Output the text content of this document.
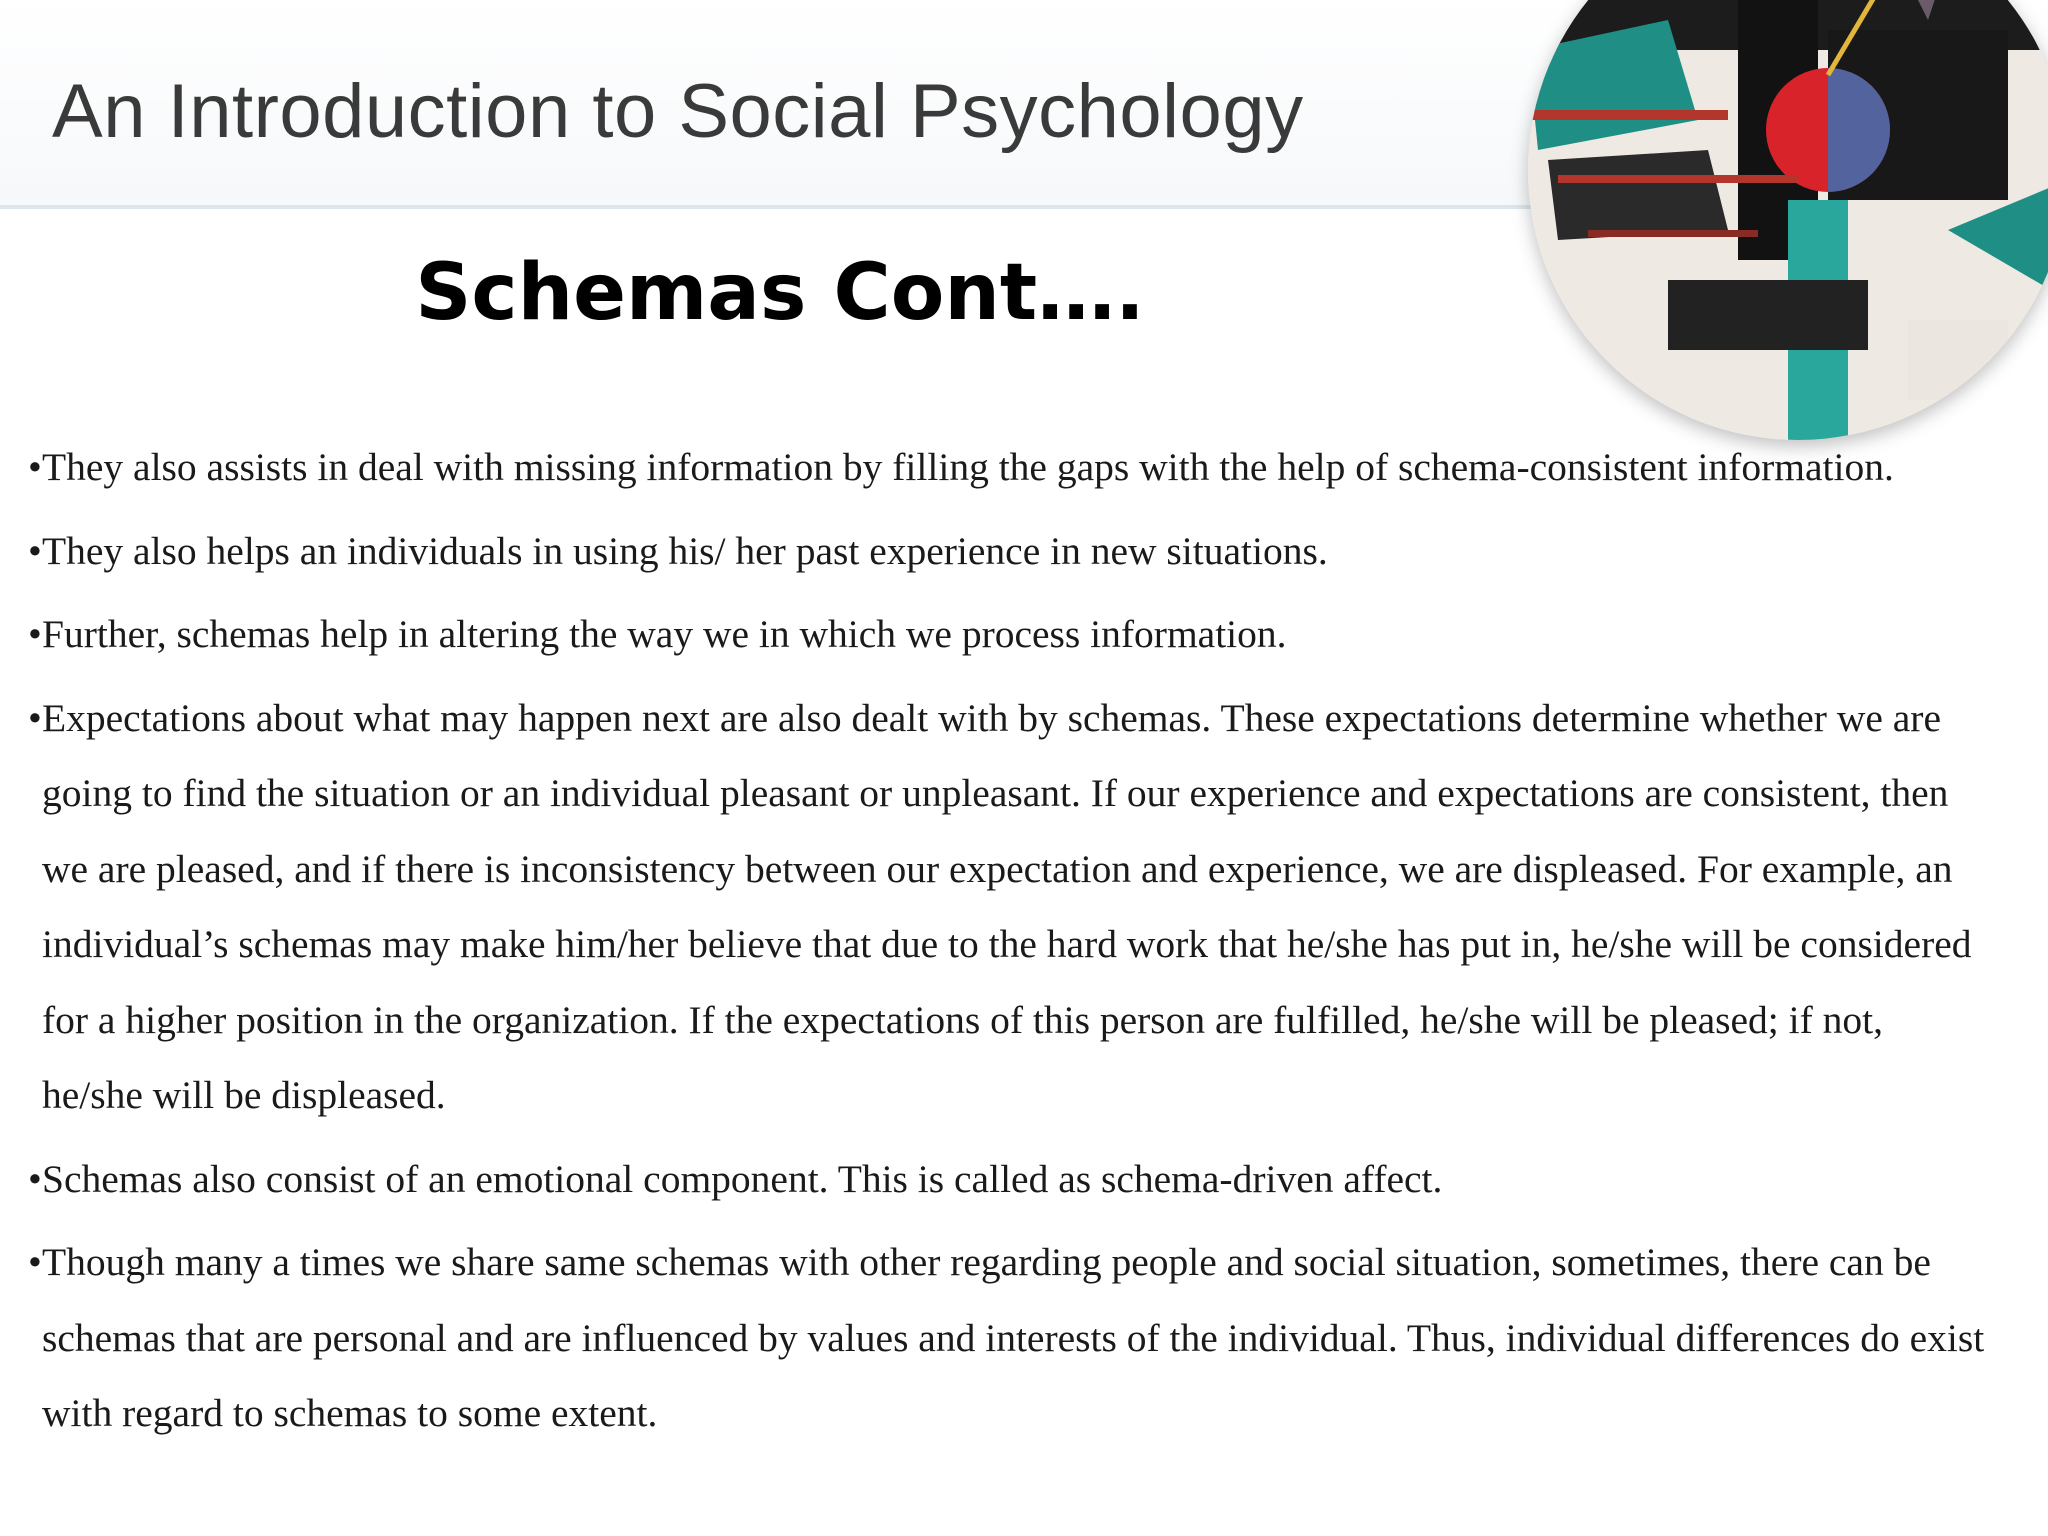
An Introduction to Social Psychology
Schemas Cont….
• They also assists in deal with missing information by filling the gaps with the help of schema-consistent information.
• They also helps an individuals in using his/ her past experience in new situations.
• Further, schemas help in altering the way we in which we process information.
• Expectations about what may happen next are also dealt with by schemas. These expectations determine whether we are going to find the situation or an individual pleasant or unpleasant. If our experience and expectations are consistent, then we are pleased, and if there is inconsistency between our expectation and experience, we are displeased. For example, an individual’s schemas may make him/her believe that due to the hard work that he/she has put in, he/she will be considered for a higher position in the organization. If the expectations of this person are fulfilled, he/she will be pleased; if not, he/she will be displeased.
• Schemas also consist of an emotional component. This is called as schema-driven affect.
• Though many a times we share same schemas with other regarding people and social situation, sometimes, there can be schemas that are personal and are influenced by values and interests of the individual. Thus, individual differences do exist with regard to schemas to some extent.
